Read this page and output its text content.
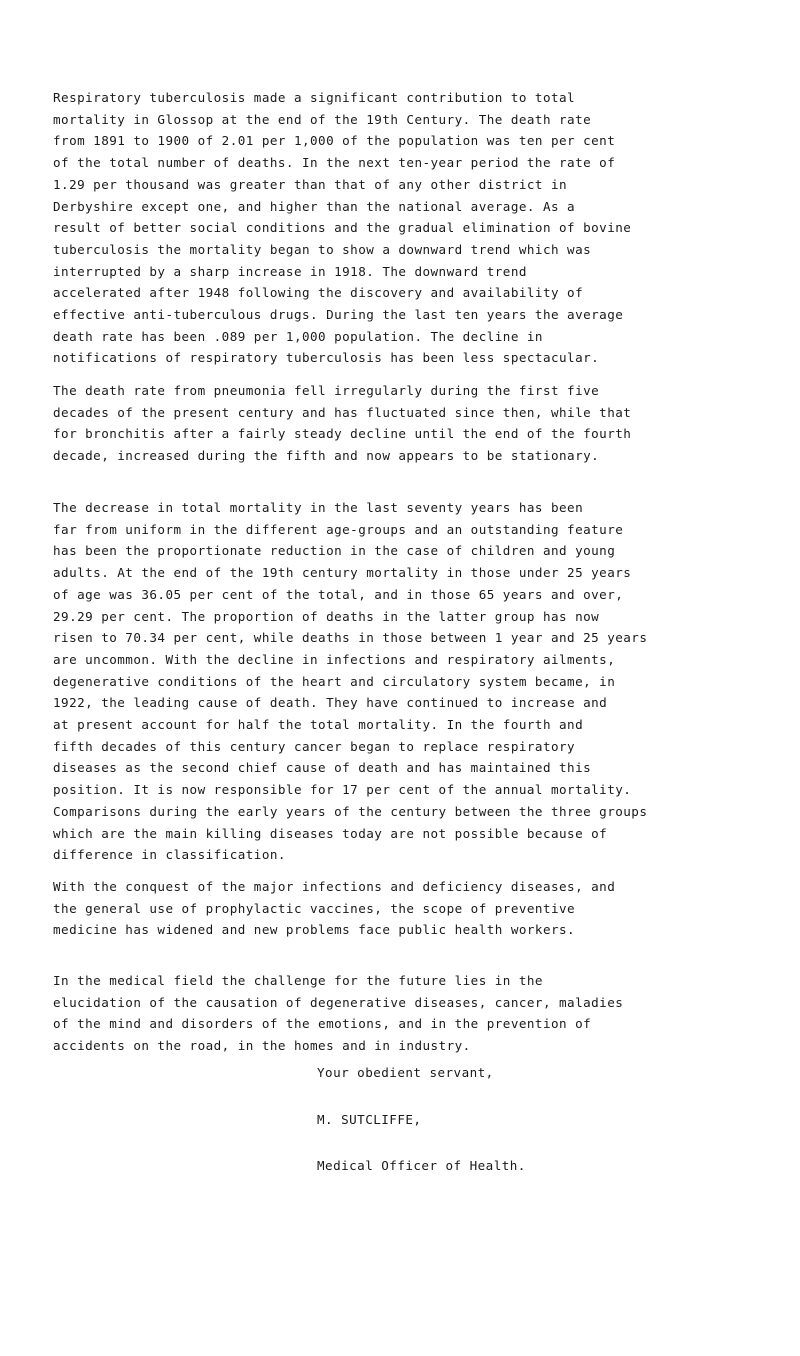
Respiratory tuberculosis made a significant contribution to total
mortality in Glossop at the end of the 19th Century. The death rate
from 1891 to 1900 of 2.01 per 1,000 of the population was ten per cent
of the total number of deaths. In the next ten-year period the rate of
1.29 per thousand was greater than that of any other district in
Derbyshire except one, and higher than the national average. As a
result of better social conditions and the gradual elimination of bovine
tuberculosis the mortality began to show a downward trend which was
interrupted by a sharp increase in 1918. The downward trend
accelerated after 1948 following the discovery and availability of
effective anti-tuberculous drugs. During the last ten years the average
death rate has been .089 per 1,000 population. The decline in
notifications of respiratory tuberculosis has been less spectacular.
The death rate from pneumonia fell irregularly during the first five
decades of the present century and has fluctuated since then, while that
for bronchitis after a fairly steady decline until the end of the fourth
decade, increased during the fifth and now appears to be stationary.
The decrease in total mortality in the last seventy years has been
far from uniform in the different age-groups and an outstanding feature
has been the proportionate reduction in the case of children and young
adults. At the end of the 19th century mortality in those under 25 years
of age was 36.05 per cent of the total, and in those 65 years and over,
29.29 per cent. The proportion of deaths in the latter group has now
risen to 70.34 per cent, while deaths in those between 1 year and 25 years
are uncommon. With the decline in infections and respiratory ailments,
degenerative conditions of the heart and circulatory system became, in
1922, the leading cause of death. They have continued to increase and
at present account for half the total mortality. In the fourth and
fifth decades of this century cancer began to replace respiratory
diseases as the second chief cause of death and has maintained this
position. It is now responsible for 17 per cent of the annual mortality.
Comparisons during the early years of the century between the three groups
which are the main killing diseases today are not possible because of
difference in classification.
With the conquest of the major infections and deficiency diseases, and
the general use of prophylactic vaccines, the scope of preventive
medicine has widened and new problems face public health workers.
In the medical field the challenge for the future lies in the
elucidation of the causation of degenerative diseases, cancer, maladies
of the mind and disorders of the emotions, and in the prevention of
accidents on the road, in the homes and in industry.
Your obedient servant,
M. SUTCLIFFE,
Medical Officer of Health.
